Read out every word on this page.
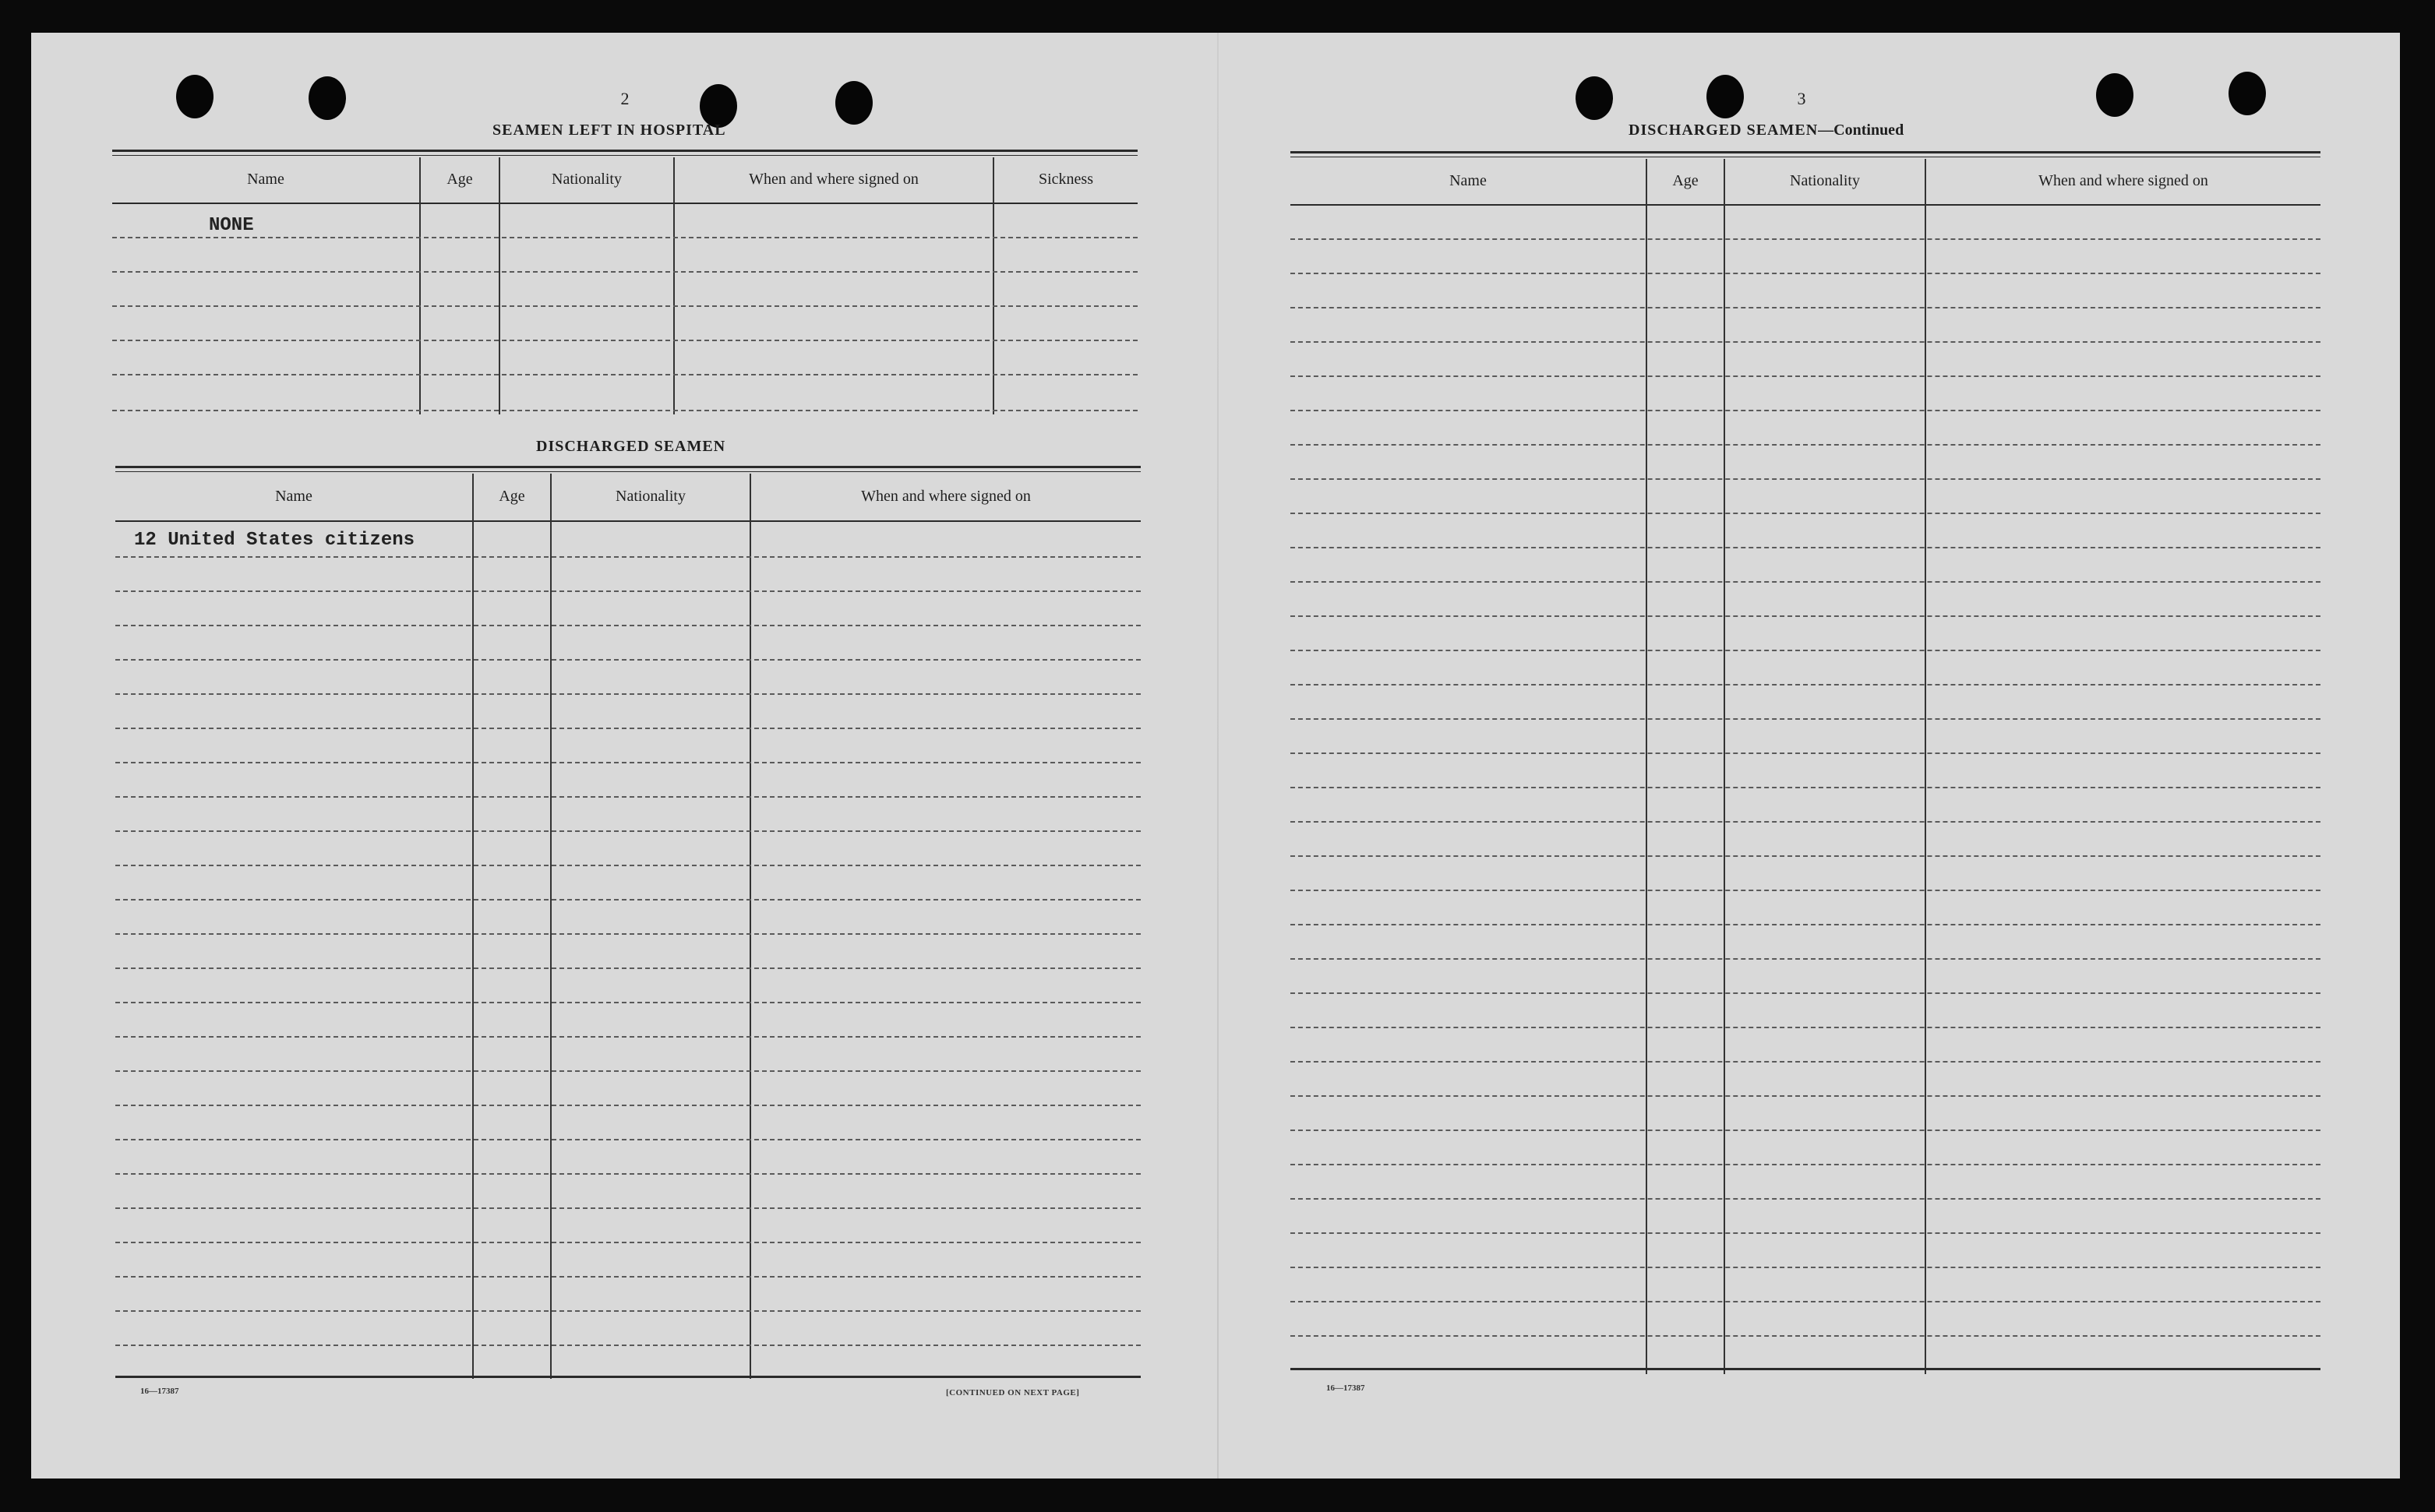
2
SEAMEN LEFT IN HOSPITAL
Name	Age	Nationality	When and where signed on	Sickness
NONE
DISCHARGED SEAMEN
Name	Age	Nationality	When and where signed on
12 United States citizens
16—17387	[CONTINUED ON NEXT PAGE]
3
DISCHARGED SEAMEN—Continued
Name	Age	Nationality	When and where signed on
16—17387
